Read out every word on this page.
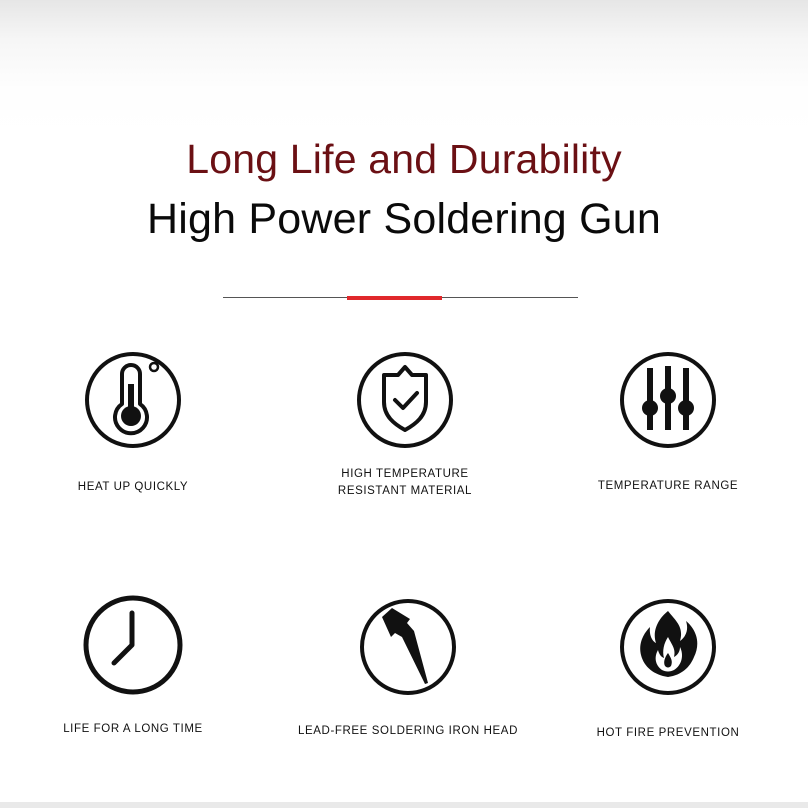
Long Life and Durability
High Power Soldering Gun
HEAT UP QUICKLY
HIGH TEMPERATURE
RESISTANT MATERIAL	TEMPERATURE RANGE
LIFE FOR A LONG TIME	LEAD-FREE SOLDERING IRON HEAD	HOT FIRE PREVENTION
